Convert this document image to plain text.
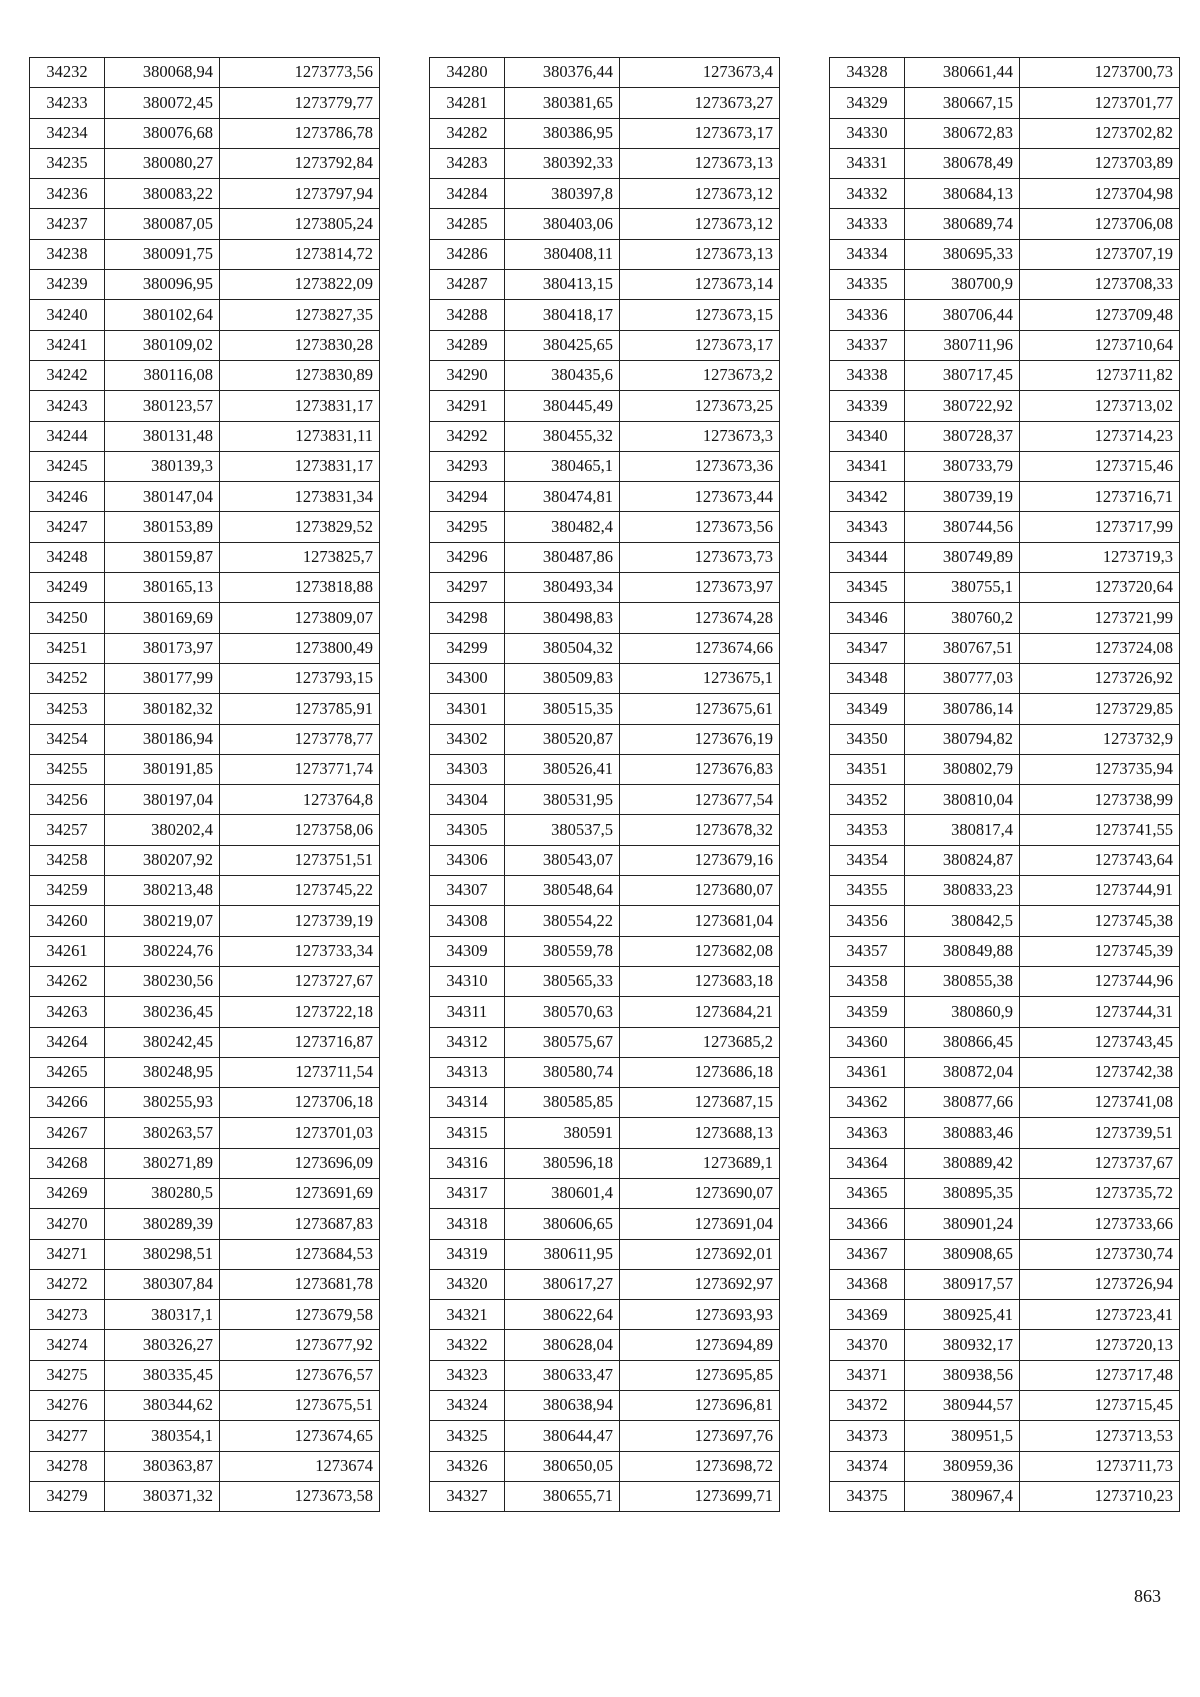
34232	380068,94	1273773,56
34233	380072,45	1273779,77
34234	380076,68	1273786,78
34235	380080,27	1273792,84
34236	380083,22	1273797,94
34237	380087,05	1273805,24
34238	380091,75	1273814,72
34239	380096,95	1273822,09
34240	380102,64	1273827,35
34241	380109,02	1273830,28
34242	380116,08	1273830,89
34243	380123,57	1273831,17
34244	380131,48	1273831,11
34245	380139,3	1273831,17
34246	380147,04	1273831,34
34247	380153,89	1273829,52
34248	380159,87	1273825,7
34249	380165,13	1273818,88
34250	380169,69	1273809,07
34251	380173,97	1273800,49
34252	380177,99	1273793,15
34253	380182,32	1273785,91
34254	380186,94	1273778,77
34255	380191,85	1273771,74
34256	380197,04	1273764,8
34257	380202,4	1273758,06
34258	380207,92	1273751,51
34259	380213,48	1273745,22
34260	380219,07	1273739,19
34261	380224,76	1273733,34
34262	380230,56	1273727,67
34263	380236,45	1273722,18
34264	380242,45	1273716,87
34265	380248,95	1273711,54
34266	380255,93	1273706,18
34267	380263,57	1273701,03
34268	380271,89	1273696,09
34269	380280,5	1273691,69
34270	380289,39	1273687,83
34271	380298,51	1273684,53
34272	380307,84	1273681,78
34273	380317,1	1273679,58
34274	380326,27	1273677,92
34275	380335,45	1273676,57
34276	380344,62	1273675,51
34277	380354,1	1273674,65
34278	380363,87	1273674
34279	380371,32	1273673,58
34280	380376,44	1273673,4
34281	380381,65	1273673,27
34282	380386,95	1273673,17
34283	380392,33	1273673,13
34284	380397,8	1273673,12
34285	380403,06	1273673,12
34286	380408,11	1273673,13
34287	380413,15	1273673,14
34288	380418,17	1273673,15
34289	380425,65	1273673,17
34290	380435,6	1273673,2
34291	380445,49	1273673,25
34292	380455,32	1273673,3
34293	380465,1	1273673,36
34294	380474,81	1273673,44
34295	380482,4	1273673,56
34296	380487,86	1273673,73
34297	380493,34	1273673,97
34298	380498,83	1273674,28
34299	380504,32	1273674,66
34300	380509,83	1273675,1
34301	380515,35	1273675,61
34302	380520,87	1273676,19
34303	380526,41	1273676,83
34304	380531,95	1273677,54
34305	380537,5	1273678,32
34306	380543,07	1273679,16
34307	380548,64	1273680,07
34308	380554,22	1273681,04
34309	380559,78	1273682,08
34310	380565,33	1273683,18
34311	380570,63	1273684,21
34312	380575,67	1273685,2
34313	380580,74	1273686,18
34314	380585,85	1273687,15
34315	380591	1273688,13
34316	380596,18	1273689,1
34317	380601,4	1273690,07
34318	380606,65	1273691,04
34319	380611,95	1273692,01
34320	380617,27	1273692,97
34321	380622,64	1273693,93
34322	380628,04	1273694,89
34323	380633,47	1273695,85
34324	380638,94	1273696,81
34325	380644,47	1273697,76
34326	380650,05	1273698,72
34327	380655,71	1273699,71
34328	380661,44	1273700,73
34329	380667,15	1273701,77
34330	380672,83	1273702,82
34331	380678,49	1273703,89
34332	380684,13	1273704,98
34333	380689,74	1273706,08
34334	380695,33	1273707,19
34335	380700,9	1273708,33
34336	380706,44	1273709,48
34337	380711,96	1273710,64
34338	380717,45	1273711,82
34339	380722,92	1273713,02
34340	380728,37	1273714,23
34341	380733,79	1273715,46
34342	380739,19	1273716,71
34343	380744,56	1273717,99
34344	380749,89	1273719,3
34345	380755,1	1273720,64
34346	380760,2	1273721,99
34347	380767,51	1273724,08
34348	380777,03	1273726,92
34349	380786,14	1273729,85
34350	380794,82	1273732,9
34351	380802,79	1273735,94
34352	380810,04	1273738,99
34353	380817,4	1273741,55
34354	380824,87	1273743,64
34355	380833,23	1273744,91
34356	380842,5	1273745,38
34357	380849,88	1273745,39
34358	380855,38	1273744,96
34359	380860,9	1273744,31
34360	380866,45	1273743,45
34361	380872,04	1273742,38
34362	380877,66	1273741,08
34363	380883,46	1273739,51
34364	380889,42	1273737,67
34365	380895,35	1273735,72
34366	380901,24	1273733,66
34367	380908,65	1273730,74
34368	380917,57	1273726,94
34369	380925,41	1273723,41
34370	380932,17	1273720,13
34371	380938,56	1273717,48
34372	380944,57	1273715,45
34373	380951,5	1273713,53
34374	380959,36	1273711,73
34375	380967,4	1273710,23
863
